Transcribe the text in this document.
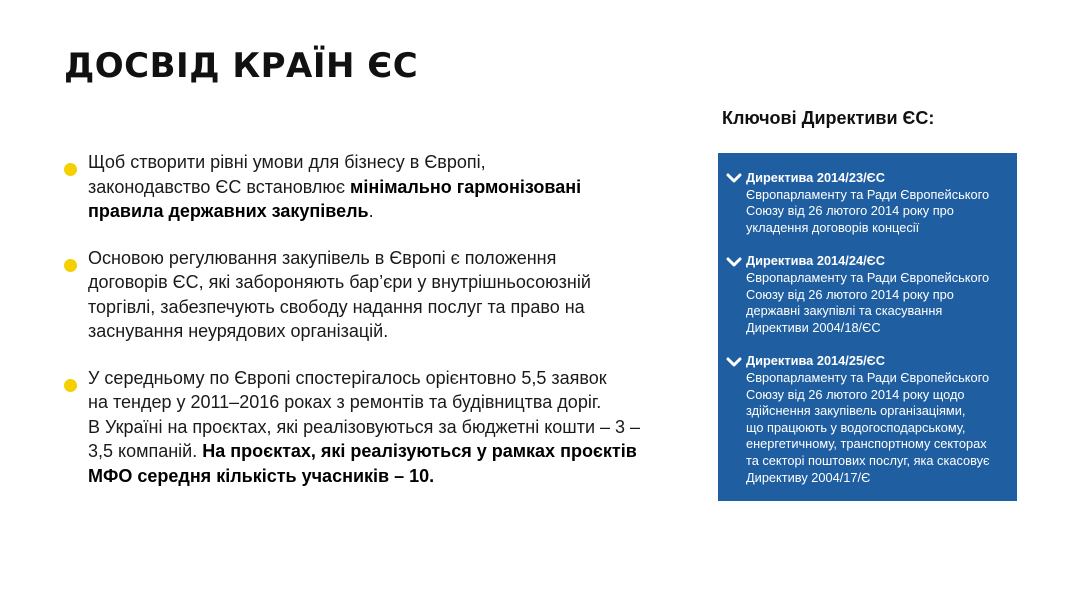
ДОСВІД КРАЇН ЄС
Щоб створити рівні умови для бізнесу в Європі,
законодавство ЄС встановлює мінімально гармонізовані
правила державних закупівель.
Основою регулювання закупівель в Європі є положення
договорів ЄС, які забороняють бар’єри у внутрішньосоюзній
торгівлі, забезпечують свободу надання послуг та право на
заснування неурядових організацій.
У середньому по Європі спостерігалось орієнтовно 5,5 заявок
на тендер у 2011–2016 роках з ремонтів та будівництва доріг.
В Україні на проєктах, які реалізовуються за бюджетні кошти – 3 –
3,5 компаній. На проєктах, які реалізуються у рамках проєктів
МФО середня кількість учасників – 10.
Ключові Директиви ЄС:
Директива 2014/23/ЄС
Європарламенту та Ради Європейського
Союзу від 26 лютого 2014 року про
укладення договорів концесії
Директива 2014/24/ЄС
Європарламенту та Ради Європейського
Союзу від 26 лютого 2014 року про
державні закупівлі та скасування
Директиви 2004/18/ЄС
Директива 2014/25/ЄС
Європарламенту та Ради Європейського
Союзу від 26 лютого 2014 року щодо
здійснення закупівель організаціями,
що працюють у водогосподарському,
енергетичному, транспортному секторах
та секторі поштових послуг, яка скасовує
Директиву 2004/17/Є
